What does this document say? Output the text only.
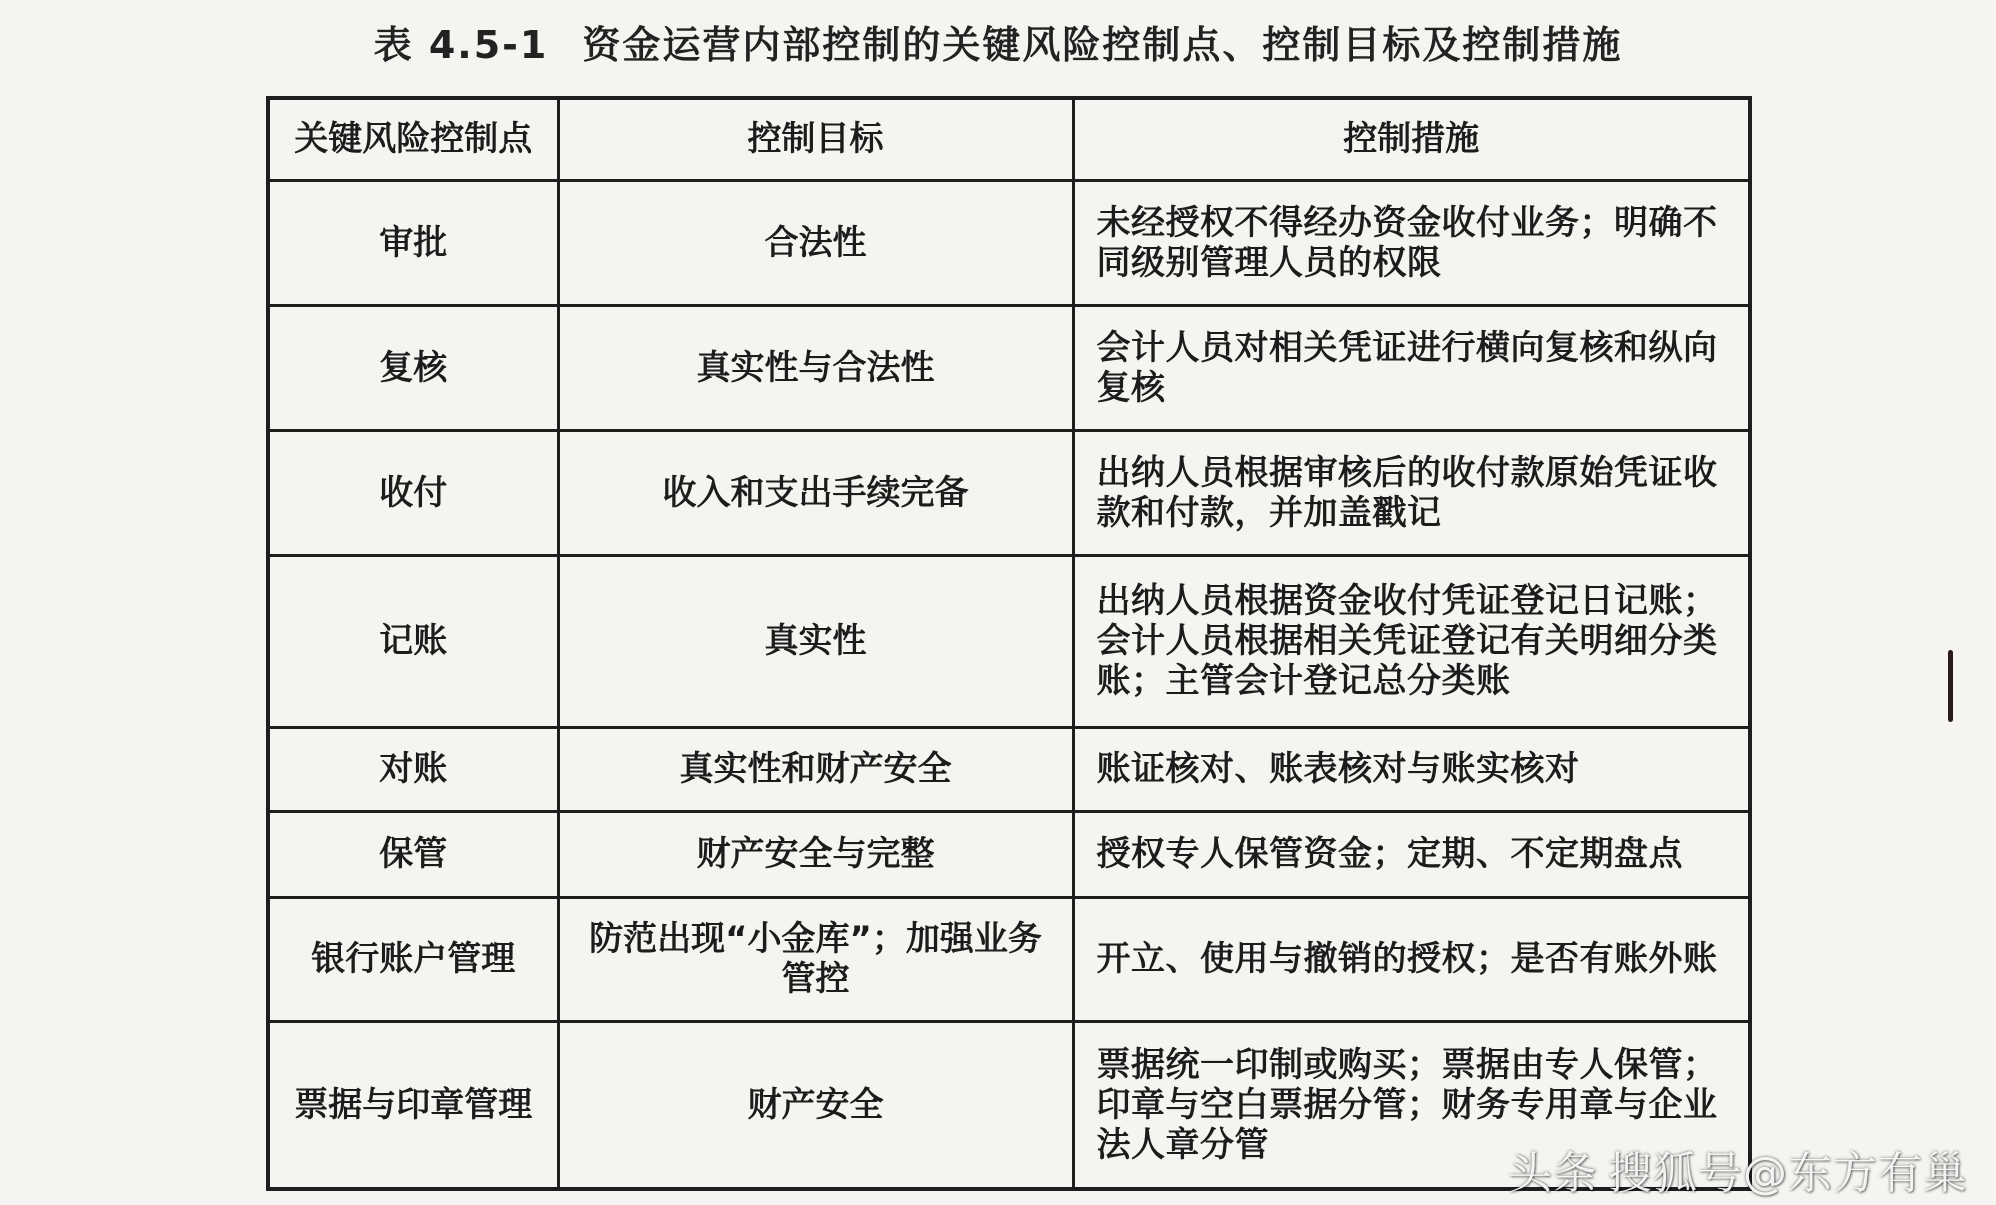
表 4.5-1 资金运营内部控制的关键风险控制点、控制目标及控制措施
关键风险控制点	控制目标	控制措施
审批	合法性	未经授权不得经办资金收付业务；明确不同级别管理人员的权限
复核	真实性与合法性	会计人员对相关凭证进行横向复核和纵向复核
收付	收入和支出手续完备	出纳人员根据审核后的收付款原始凭证收款和付款，并加盖戳记
记账	真实性	出纳人员根据资金收付凭证登记日记账；会计人员根据相关凭证登记有关明细分类账；主管会计登记总分类账
对账	真实性和财产安全	账证核对、账表核对与账实核对
保管	财产安全与完整	授权专人保管资金；定期、不定期盘点
银行账户管理	防范出现“小金库”；加强业务管控	开立、使用与撤销的授权；是否有账外账
票据与印章管理	财产安全	票据统一印制或购买；票据由专人保管；印章与空白票据分管；财务专用章与企业法人章分管
头条 搜狐号@东方有巢
